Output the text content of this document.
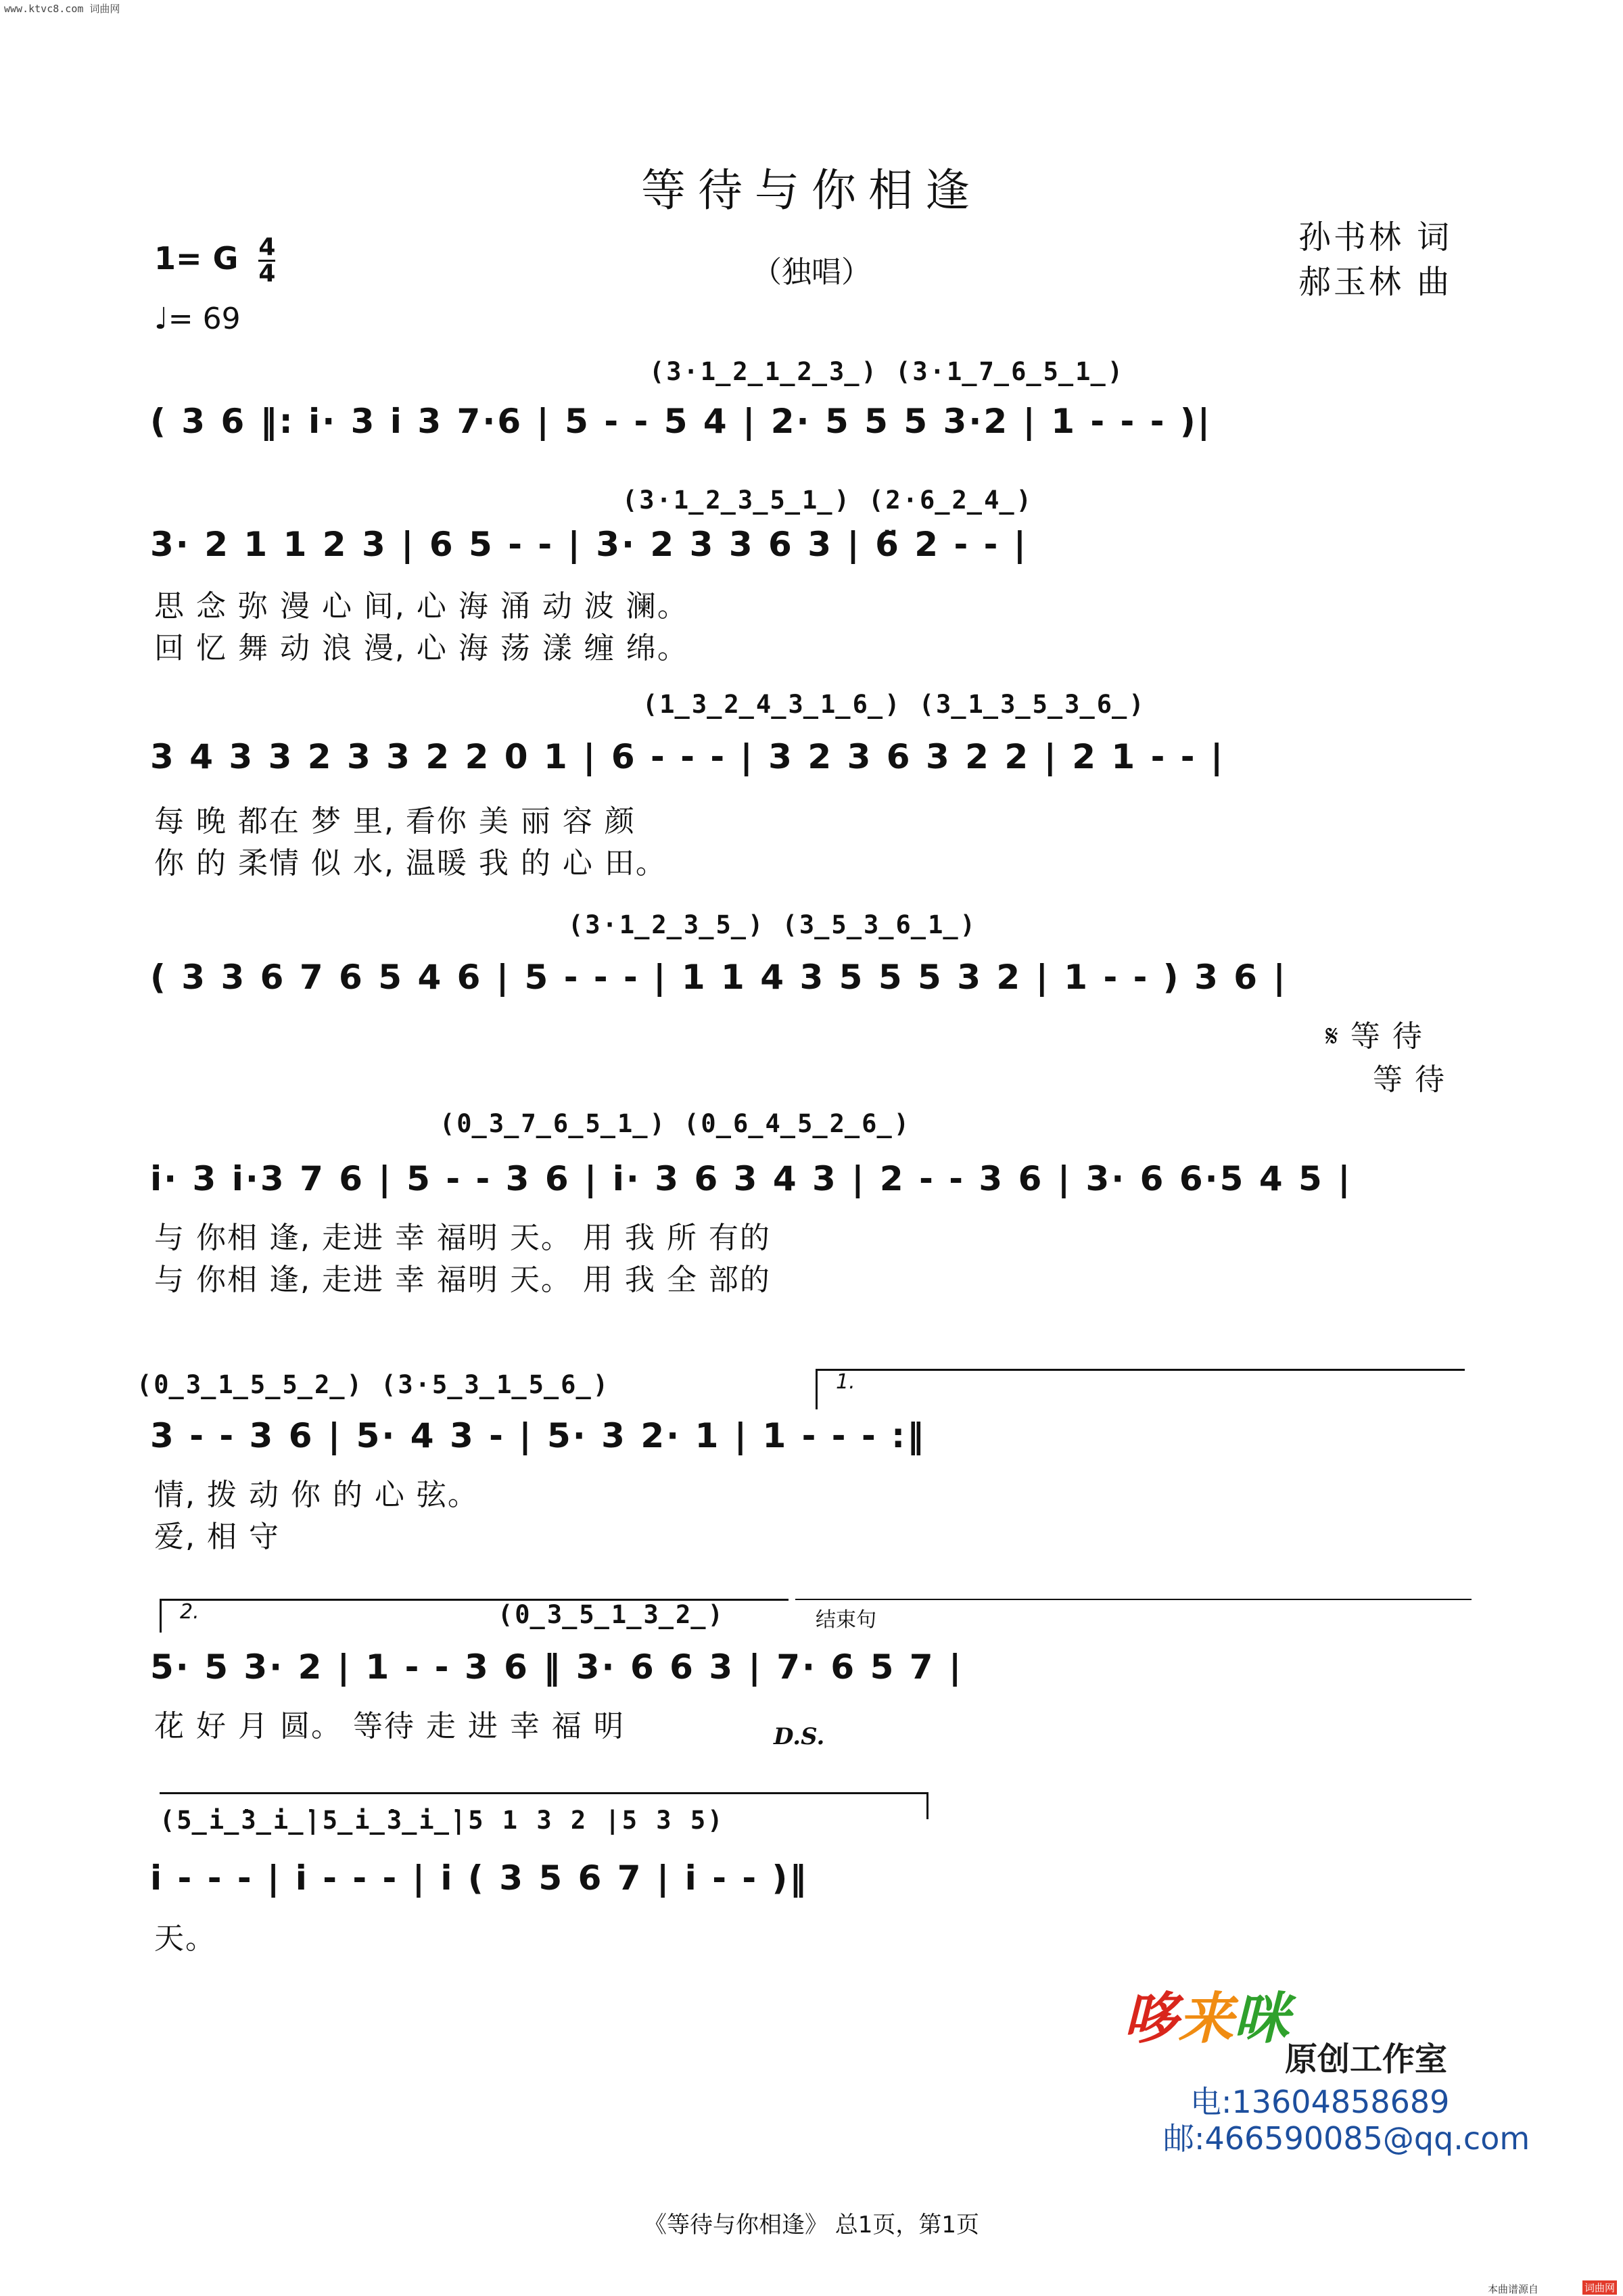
www.ktvc8.com 词曲网
等待与你相逢
（独唱）
孙书林 词
郝玉林 曲
1= G $\frac{4}{4}$
♩= 69
(3·1̲2̲1̲2̲3̲) (3·1̲7̲6̲5̲1̲)
( 3 6 ‖: i̇· 3 i̇ 3 7·6 | 5 - - 5 4 | 2· 5 5 5 3·2 | 1 - - - )|
(3·1̲2̲3̲5̲1̲) (2·6̲2̲4̲)
3· 2 1 1 2 3 | 6 5 - - | 3· 2 3 3 6 3 | 6̈ 2 - - |
思 念 弥 漫 心 间, 心 海 涌 动 波 澜。
回 忆 舞 动 浪 漫, 心 海 荡 漾 缠 绵。
(1̲3̲2̲4̲3̲1̲6̲) (3̲1̲3̲5̲3̲6̲)
3 4 3 3 2 3 3 2 2 0 1 | 6 - - - | 3 2 3 6 3 2 2 | 2 1 - - |
每 晚 都在 梦 里, 看你 美 丽 容 颜
你 的 柔情 似 水, 温暖 我 的 心 田。
(3·1̲2̲3̲5̲) (3̲5̲3̲6̲1̲)
( 3 3 6 7 6 5 4 6 | 5 - - - | 1 1 4 3 5 5 5 3 2 | 1 - - ) 3 6 |
𝄋 等 待
等 待
(0̲3̲7̲6̲5̲1̲) (0̲6̲4̲5̲2̲6̲)
i̇· 3 i̇·3 7 6 | 5 - - 3 6 | i̇· 3 6 3 4 3 | 2 - - 3 6 | 3· 6 6·5 4 5 |
与 你相 逢, 走进 幸 福明 天。 用 我 所 有的
与 你相 逢, 走进 幸 福明 天。 用 我 全 部的
1.
(0̲3̲1̲5̲5̲2̲) (3·5̲3̲1̲5̲6̲)
3 - - 3 6 | 5· 4 3 - | 5· 3 2· 1 | 1 - - - :‖
情, 拨 动 你 的 心 弦。
爱, 相 守
2.	结束句
(0̲3̲5̲1̲3̲2̲)
5· 5 3· 2 | 1 - - 3 6 ‖ 3· 6 6 3 | 7· 6 5 7 |
花 好 月 圆。 等待 走 进 幸 福 明	D.S.
(5̲i̲̇3̲i̲̇|5̲i̲̇3̲i̲̇|5 1 3 2 |5 3 5)
i̇ - - - | i̇ - - - | i̇ ( 3 5 6 7 | i̇ - - )‖
天。
哆来咪
原创工作室
电:13604858689
邮:466590085@qq.com
《等待与你相逢》 总1页，第1页
本曲谱源自	词曲网
